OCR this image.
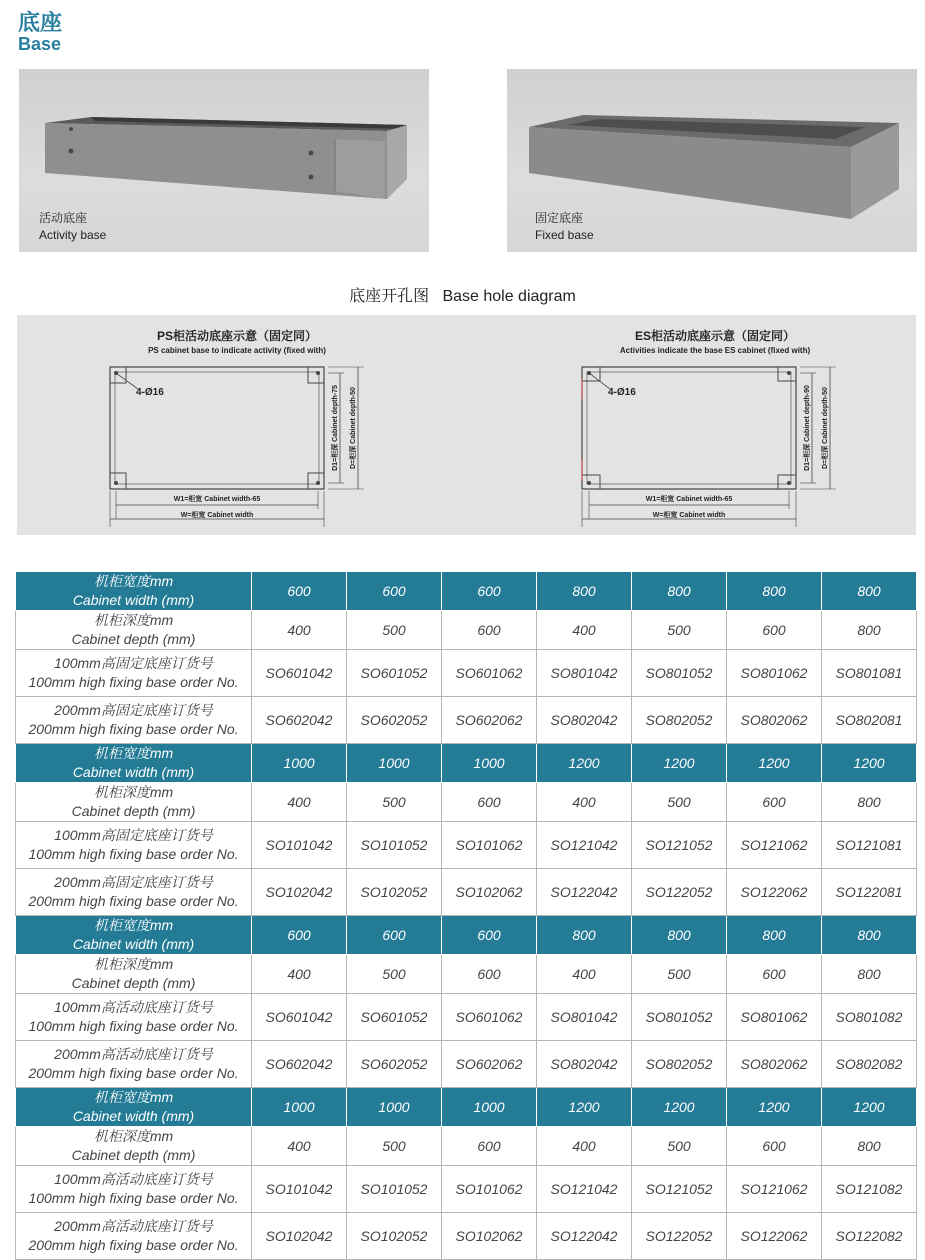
底座
Base
活动底座
Activity base
固定底座
Fixed base
底座开孔图   Base hole diagram
PS柜活动底座示意（固定同）
PS cabinet base to indicate activity (fixed with)
4-Ø16
W1=柜宽 Cabinet width-65
W=柜宽 Cabinet width
D1=柜深 Cabinet depth-75 D=柜深 Cabinet depth-50
ES柜活动底座示意（固定同）
Activities indicate the base ES cabinet (fixed with)
4-Ø16
W1=柜宽 Cabinet width-65
W=柜宽 Cabinet width
D1=柜深 Cabinet depth-90 D=柜深 Cabinet depth-50
机柜宽度mm
Cabinet width (mm)	600	600	600	800	800	800	800

机柜深度mm
Cabinet depth (mm)	400	500	600	400	500	600	800

100mm高固定底座订货号
100mm high fixing base order No.	SO601042	SO601052	SO601062	SO801042	SO801052	SO801062	SO801081

200mm高固定底座订货号
200mm high fixing base order No.	SO602042	SO602052	SO602062	SO802042	SO802052	SO802062	SO802081

机柜宽度mm
Cabinet width (mm)	1000	1000	1000	1200	1200	1200	1200

机柜深度mm
Cabinet depth (mm)	400	500	600	400	500	600	800

100mm高固定底座订货号
100mm high fixing base order No.	SO101042	SO101052	SO101062	SO121042	SO121052	SO121062	SO121081

200mm高固定底座订货号
200mm high fixing base order No.	SO102042	SO102052	SO102062	SO122042	SO122052	SO122062	SO122081

机柜宽度mm
Cabinet width (mm)	600	600	600	800	800	800	800

机柜深度mm
Cabinet depth (mm)	400	500	600	400	500	600	800

100mm高活动底座订货号
100mm high fixing base order No.	SO601042	SO601052	SO601062	SO801042	SO801052	SO801062	SO801082

200mm高活动底座订货号
200mm high fixing base order No.	SO602042	SO602052	SO602062	SO802042	SO802052	SO802062	SO802082

机柜宽度mm
Cabinet width (mm)	1000	1000	1000	1200	1200	1200	1200

机柜深度mm
Cabinet depth (mm)	400	500	600	400	500	600	800

100mm高活动底座订货号
100mm high fixing base order No.	SO101042	SO101052	SO101062	SO121042	SO121052	SO121062	SO121082

200mm高活动底座订货号
200mm high fixing base order No.	SO102042	SO102052	SO102062	SO122042	SO122052	SO122062	SO122082
